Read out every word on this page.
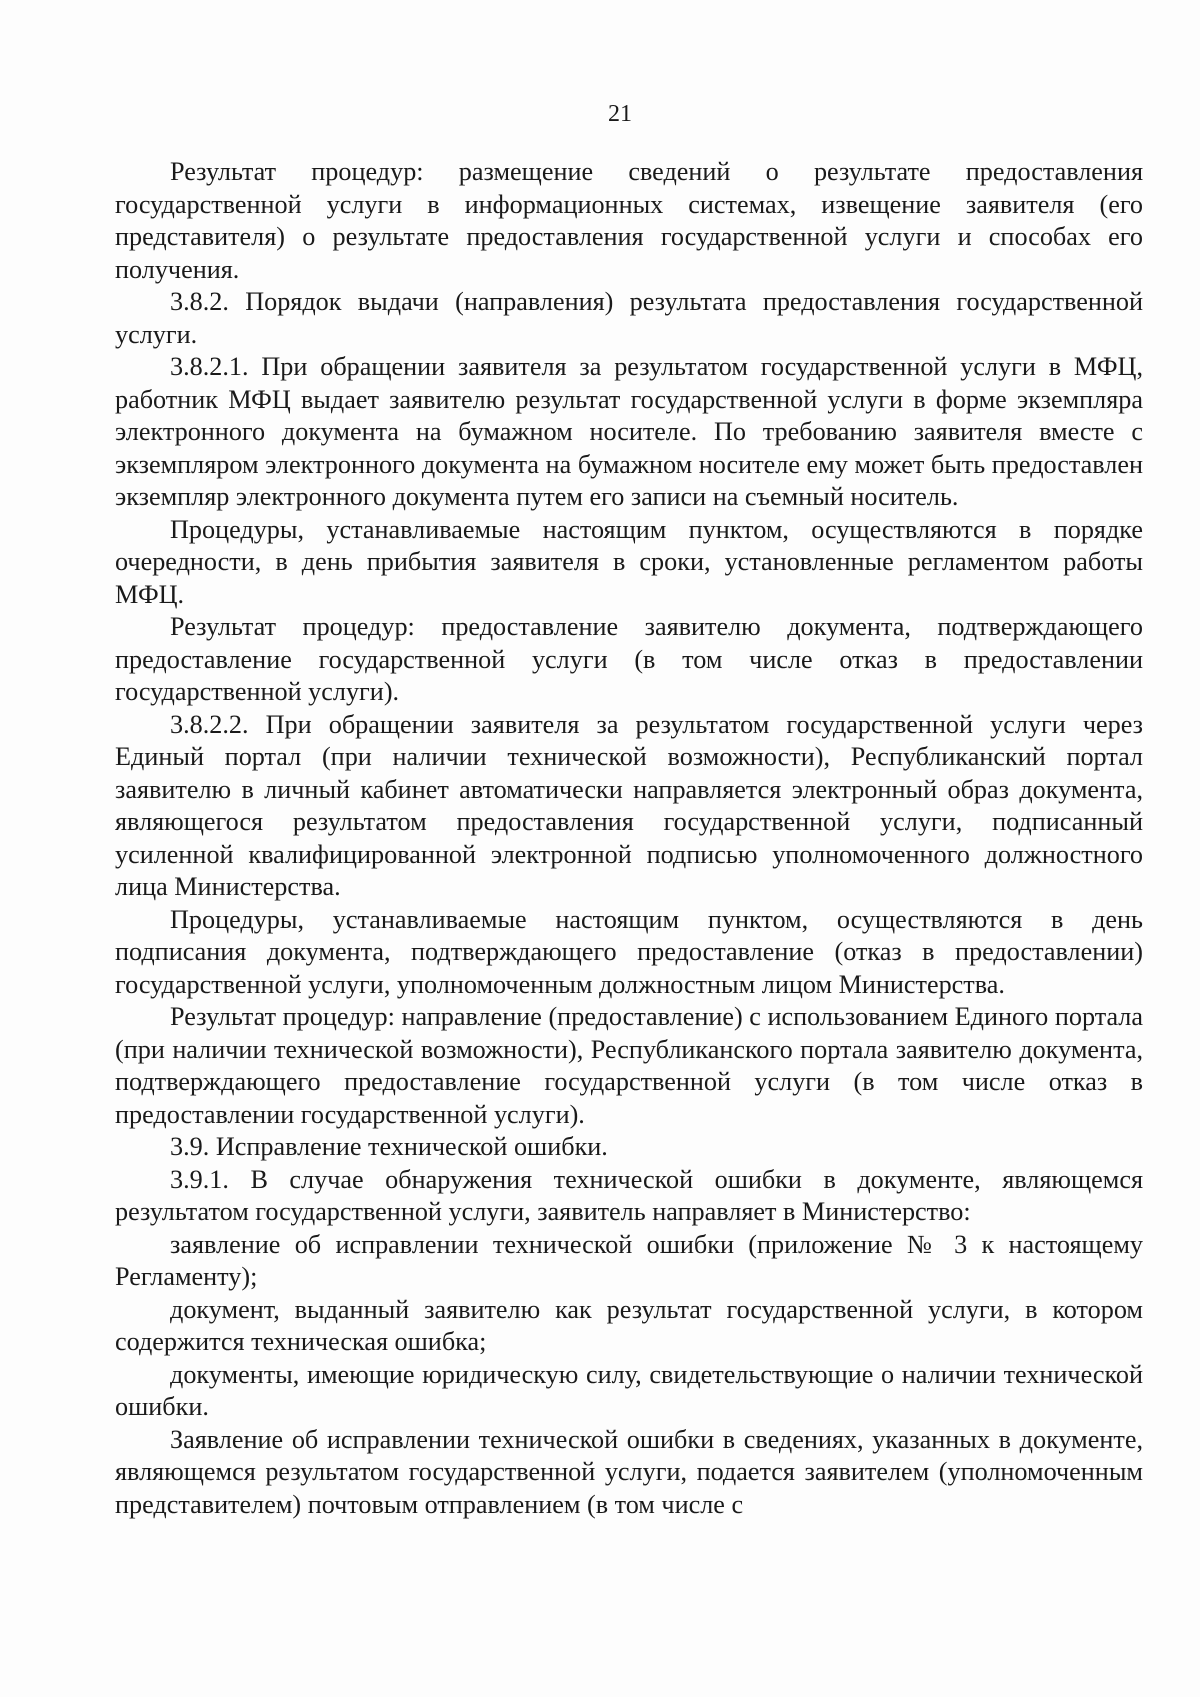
21

Результат процедур: размещение сведений о результате предоставления государственной услуги в информационных системах, извещение заявителя (его представителя) о результате предоставления государственной услуги и способах его получения.

3.8.2. Порядок выдачи (направления) результата предоставления государственной услуги.

3.8.2.1. При обращении заявителя за результатом государственной услуги в МФЦ, работник МФЦ выдает заявителю результат государственной услуги в форме экземпляра электронного документа на бумажном носителе. По требованию заявителя вместе с экземпляром электронного документа на бумажном носителе ему может быть предоставлен экземпляр электронного документа путем его записи на съемный носитель.

Процедуры, устанавливаемые настоящим пунктом, осуществляются в порядке очередности, в день прибытия заявителя в сроки, установленные регламентом работы МФЦ.

Результат процедур: предоставление заявителю документа, подтверждающего предоставление государственной услуги (в том числе отказ в предоставлении государственной услуги).

3.8.2.2. При обращении заявителя за результатом государственной услуги через Единый портал (при наличии технической возможности), Республиканский портал заявителю в личный кабинет автоматически направляется электронный образ документа, являющегося результатом предоставления государственной услуги, подписанный усиленной квалифицированной электронной подписью уполномоченного должностного лица Министерства.

Процедуры, устанавливаемые настоящим пунктом, осуществляются в день подписания документа, подтверждающего предоставление (отказ в предоставлении) государственной услуги, уполномоченным должностным лицом Министерства.

Результат процедур: направление (предоставление) с использованием Единого портала (при наличии технической возможности), Республиканского портала заявителю документа, подтверждающего предоставление государственной услуги (в том числе отказ в предоставлении государственной услуги).

3.9. Исправление технической ошибки.

3.9.1. В случае обнаружения технической ошибки в документе, являющемся результатом государственной услуги, заявитель направляет в Министерство:

заявление об исправлении технической ошибки (приложение № 3 к настоящему Регламенту);

документ, выданный заявителю как результат государственной услуги, в котором содержится техническая ошибка;

документы, имеющие юридическую силу, свидетельствующие о наличии технической ошибки.

Заявление об исправлении технической ошибки в сведениях, указанных в документе, являющемся результатом государственной услуги, подается заявителем (уполномоченным представителем) почтовым отправлением (в том числе с
